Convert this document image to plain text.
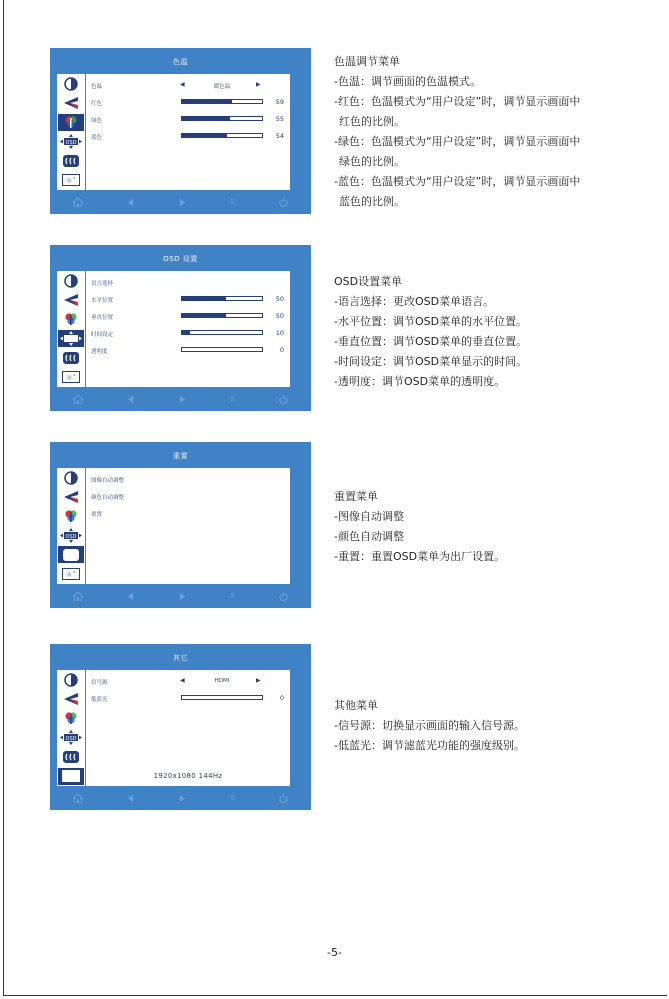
色温
OSD
☼ °
色温	◀	暖色温	▶
红色	59
绿色	55
蓝色	54
E
色温调节菜单
-色温：调节画面的色温模式。
-红色：色温模式为“用户设定”时，调节显示画面中
红色的比例。
-绿色：色温模式为“用户设定”时，调节显示画面中
绿色的比例。
-蓝色：色温模式为“用户设定”时，调节显示画面中
蓝色的比例。
OSD 设置
OSD
☼ °
语言选择
水平位置	50
垂直位置	50
时间设定	10
透明度	0
E
OSD设置菜单
-语言选择：更改OSD菜单语言。
-水平位置：调节OSD菜单的水平位置。
-垂直位置：调节OSD菜单的垂直位置。
-时间设定：调节OSD菜单显示的时间。
-透明度：调节OSD菜单的透明度。
重置
OSD
☼ °
图像自动调整
颜色自动调整
重置
E
重置菜单
-图像自动调整
-颜色自动调整
-重置：重置OSD菜单为出厂设置。
其它
OSD
☼ °
信号源	◀	HDMI	▶
低蓝光	0
1920x1080 144Hz
E
其他菜单
-信号源：切换显示画面的输入信号源。
-低蓝光：调节滤蓝光功能的强度级别。
-5-
